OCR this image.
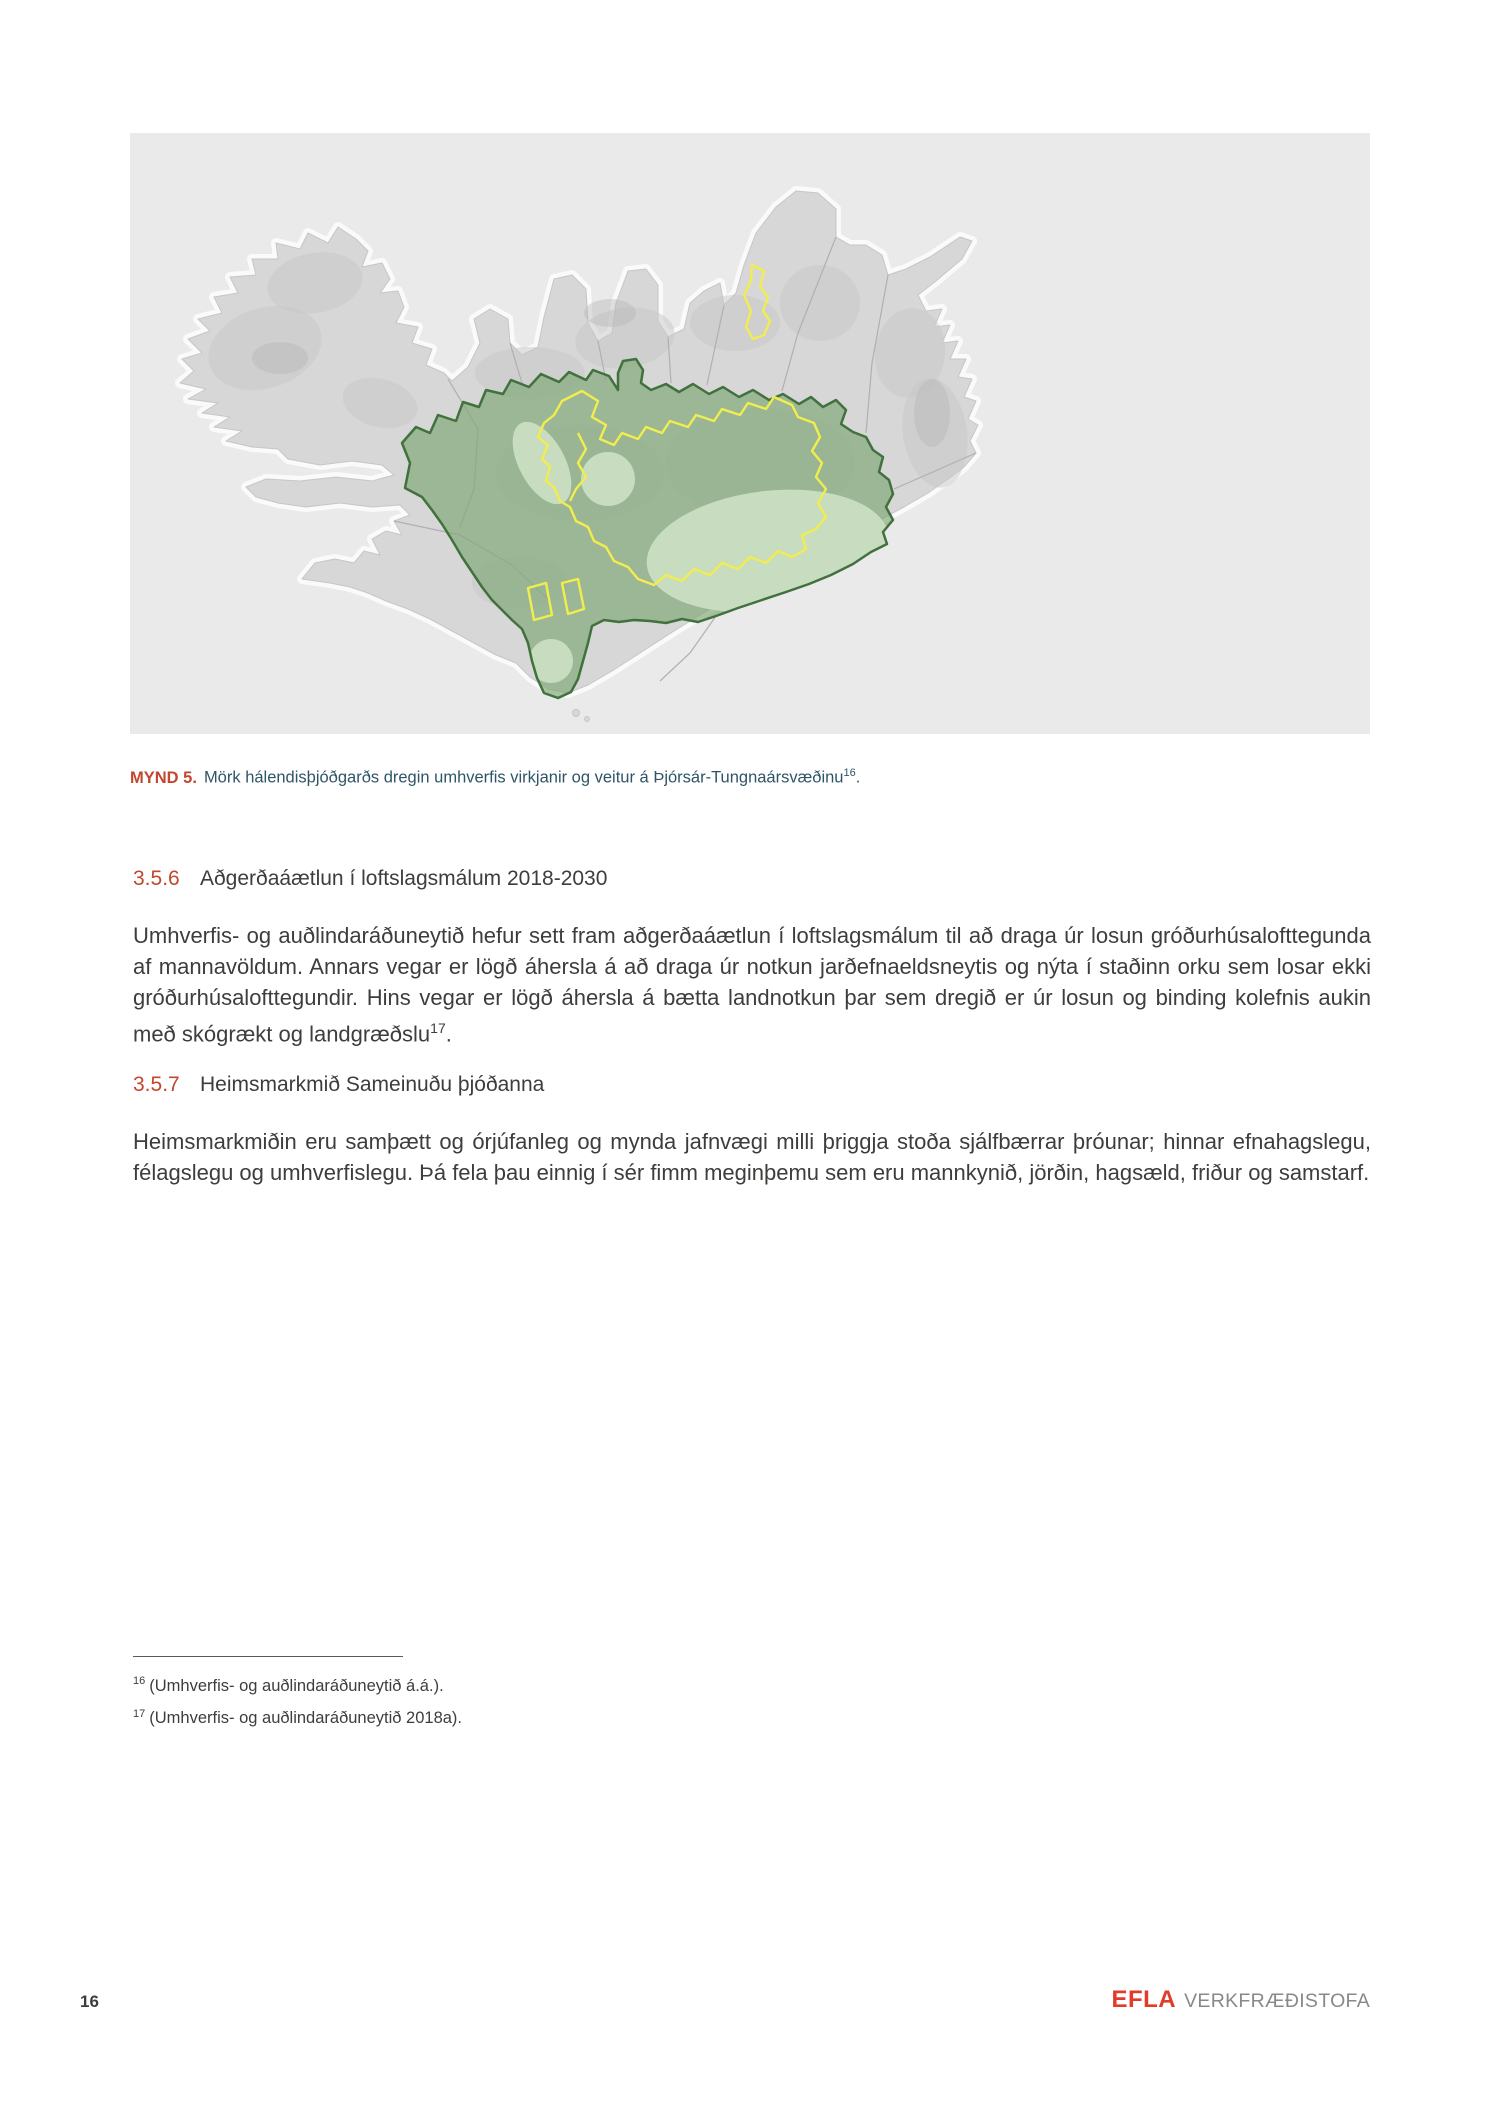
MYND 5. Mörk hálendisþjóðgarðs dregin umhverfis virkjanir og veitur á Þjórsár-Tungnaársvæðinu$^{16}$.
3.5.6 Aðgerðaáætlun í loftslagsmálum 2018-2030

Umhverfis- og auðlindaráðuneytið hefur sett fram aðgerðaáætlun í loftslagsmálum til að draga úr losun gróðurhúsalofttegunda af mannavöldum. Annars vegar er lögð áhersla á að draga úr notkun jarðefnaeldsneytis og nýta í staðinn orku sem losar ekki gróðurhúsalofttegundir. Hins vegar er lögð áhersla á bætta landnotkun þar sem dregið er úr losun og binding kolefnis aukin með skógrækt og landgræðslu$^{17}$.

3.5.7 Heimsmarkmið Sameinuðu þjóðanna

Heimsmarkmiðin eru samþætt og órjúfanleg og mynda jafnvægi milli þriggja stoða sjálfbærrar þróunar; hinnar efnahagslegu, félagslegu og umhverfislegu. Þá fela þau einnig í sér fimm meginþemu sem eru mannkynið, jörðin, hagsæld, friður og samstarf.

$^{16}$ (Umhverfis- og auðlindaráðuneytið á.á.).

$^{17}$ (Umhverfis- og auðlindaráðuneytið 2018a).

16	EFLA VERKFRÆÐISTOFA
